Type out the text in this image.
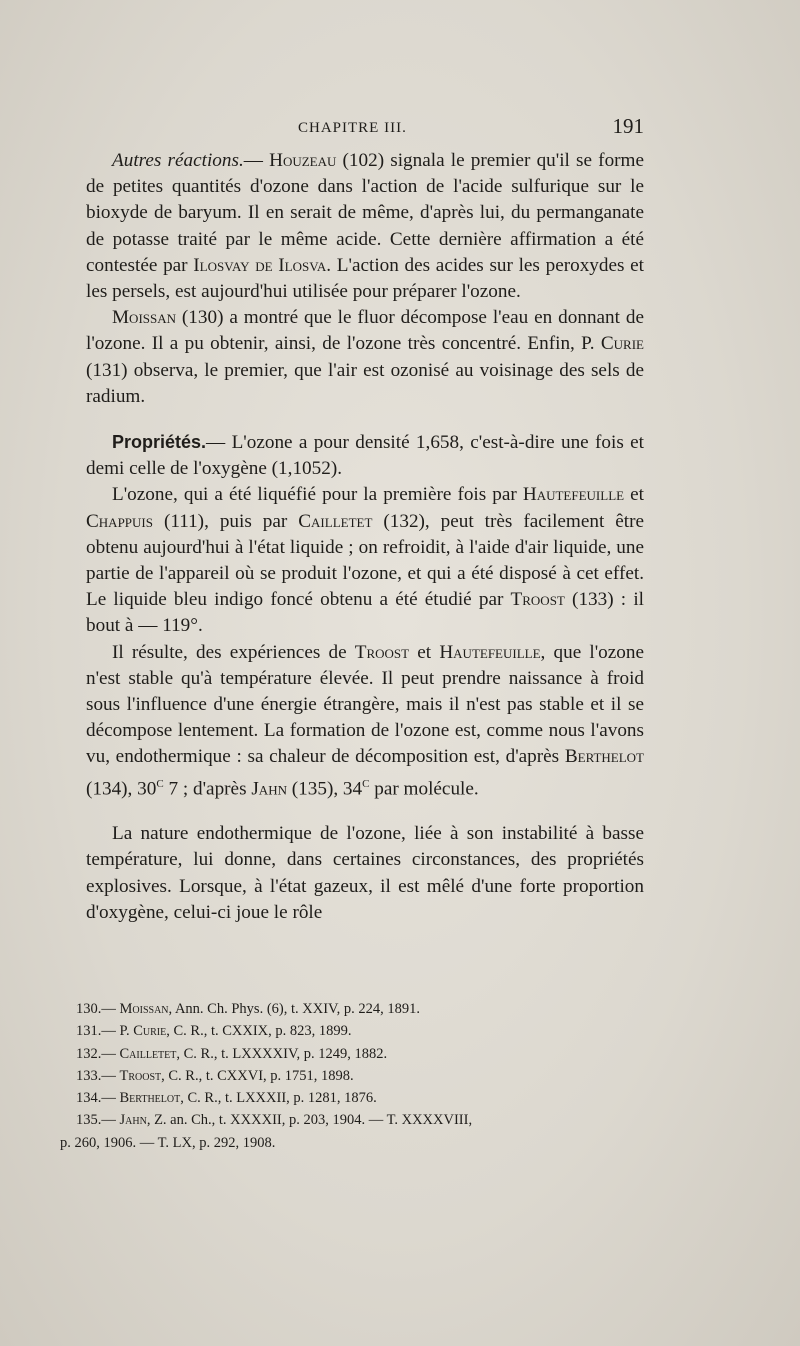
CHAPITRE III.	191

Autres réactions.— Houzeau (102) signala le premier qu'il se forme de petites quantités d'ozone dans l'action de l'acide sulfurique sur le bioxyde de baryum. Il en serait de même, d'après lui, du permanganate de potasse traité par le même acide. Cette dernière affirmation a été contestée par Ilosvay de Ilosva. L'action des acides sur les peroxydes et les persels, est aujourd'hui utilisée pour préparer l'ozone.

Moissan (130) a montré que le fluor décompose l'eau en donnant de l'ozone. Il a pu obtenir, ainsi, de l'ozone très concentré. Enfin, P. Curie (131) observa, le premier, que l'air est ozonisé au voisinage des sels de radium.

Propriétés.— L'ozone a pour densité 1,658, c'est-à-dire une fois et demi celle de l'oxygène (1,1052).

L'ozone, qui a été liquéfié pour la première fois par Hautefeuille et Chappuis (111), puis par Cailletet (132), peut très facilement être obtenu aujourd'hui à l'état liquide ; on refroidit, à l'aide d'air liquide, une partie de l'appareil où se produit l'ozone, et qui a été disposé à cet effet. Le liquide bleu indigo foncé obtenu a été étudié par Troost (133) : il bout à — 119°.

Il résulte, des expériences de Troost et Hautefeuille, que l'ozone n'est stable qu'à température élevée. Il peut prendre naissance à froid sous l'influence d'une énergie étrangère, mais il n'est pas stable et il se décompose lentement. La formation de l'ozone est, comme nous l'avons vu, endothermique : sa chaleur de décomposition est, d'après Berthelot (134), $30^C$ 7 ; d'après Jahn (135), $34^C$ par molécule.

La nature endothermique de l'ozone, liée à son instabilité à basse température, lui donne, dans certaines circonstances, des propriétés explosives. Lorsque, à l'état gazeux, il est mêlé d'une forte proportion d'oxygène, celui-ci joue le rôle

130.— Moissan, Ann. Ch. Phys. (6), t. XXIV, p. 224, 1891.
131.— P. Curie, C. R., t. CXXIX, p. 823, 1899.
132.— Cailletet, C. R., t. LXXXXIV, p. 1249, 1882.
133.— Troost, C. R., t. CXXVI, p. 1751, 1898.
134.— Berthelot, C. R., t. LXXXII, p. 1281, 1876.
135.— Jahn, Z. an. Ch., t. XXXXII, p. 203, 1904. — T. XXXXVIII,
p. 260, 1906. — T. LX, p. 292, 1908.
